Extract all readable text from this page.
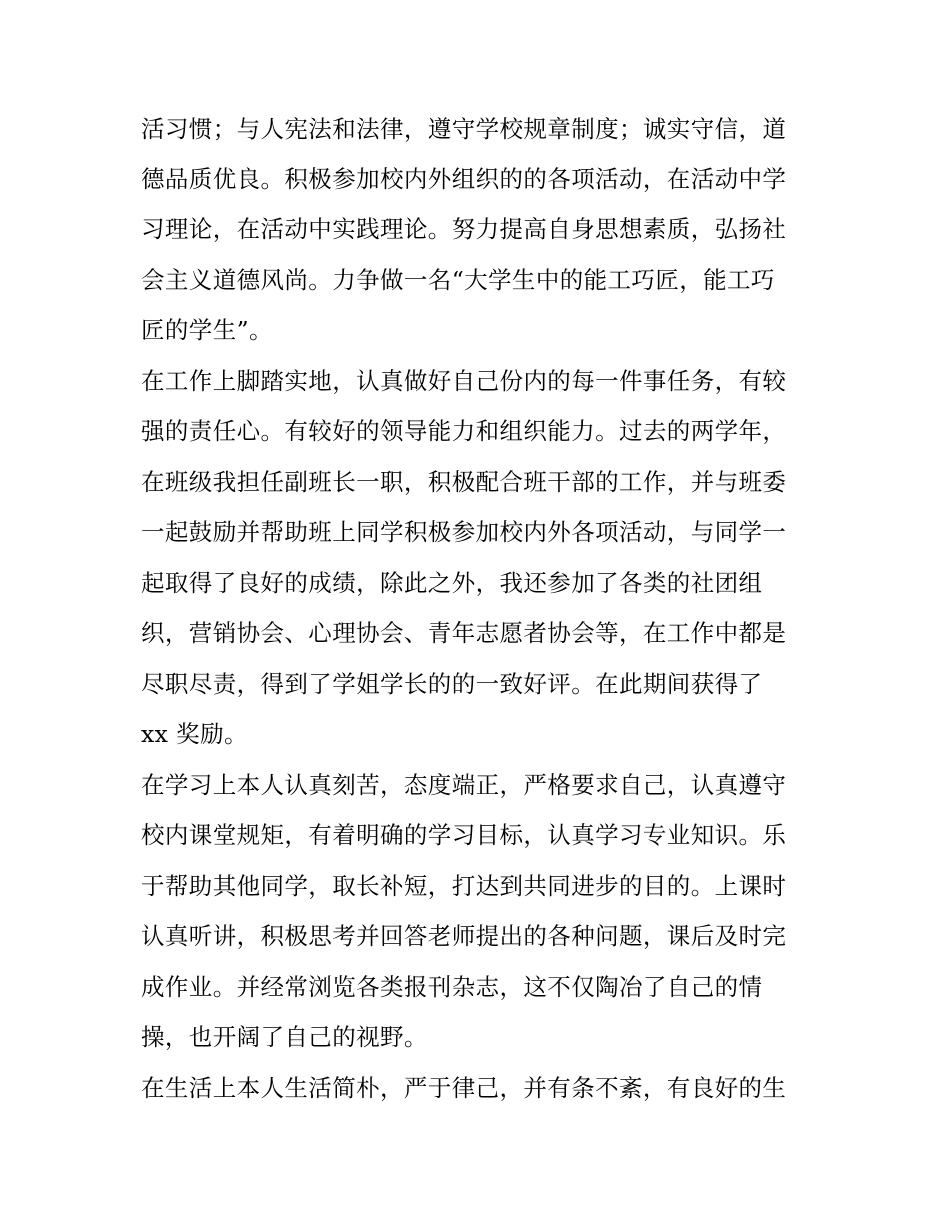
活习惯；与人宪法和法律，遵守学校规章制度；诚实守信，道
德品质优良。积极参加校内外组织的的各项活动，在活动中学
习理论，在活动中实践理论。努力提高自身思想素质，弘扬社
会主义道德风尚。力争做一名“大学生中的能工巧匠，能工巧
匠的学生”。
在工作上脚踏实地，认真做好自己份内的每一件事任务，有较
强的责任心。有较好的领导能力和组织能力。过去的两学年，
在班级我担任副班长一职，积极配合班干部的工作，并与班委
一起鼓励并帮助班上同学积极参加校内外各项活动，与同学一
起取得了良好的成绩，除此之外，我还参加了各类的社团组
织，营销协会、心理协会、青年志愿者协会等，在工作中都是
尽职尽责，得到了学姐学长的的一致好评。在此期间获得了
xx 奖励。
在学习上本人认真刻苦，态度端正，严格要求自己，认真遵守
校内课堂规矩，有着明确的学习目标，认真学习专业知识。乐
于帮助其他同学，取长补短，打达到共同进步的目的。上课时
认真听讲，积极思考并回答老师提出的各种问题，课后及时完
成作业。并经常浏览各类报刊杂志，这不仅陶冶了自己的情
操，也开阔了自己的视野。
在生活上本人生活简朴，严于律己，并有条不紊，有良好的生
